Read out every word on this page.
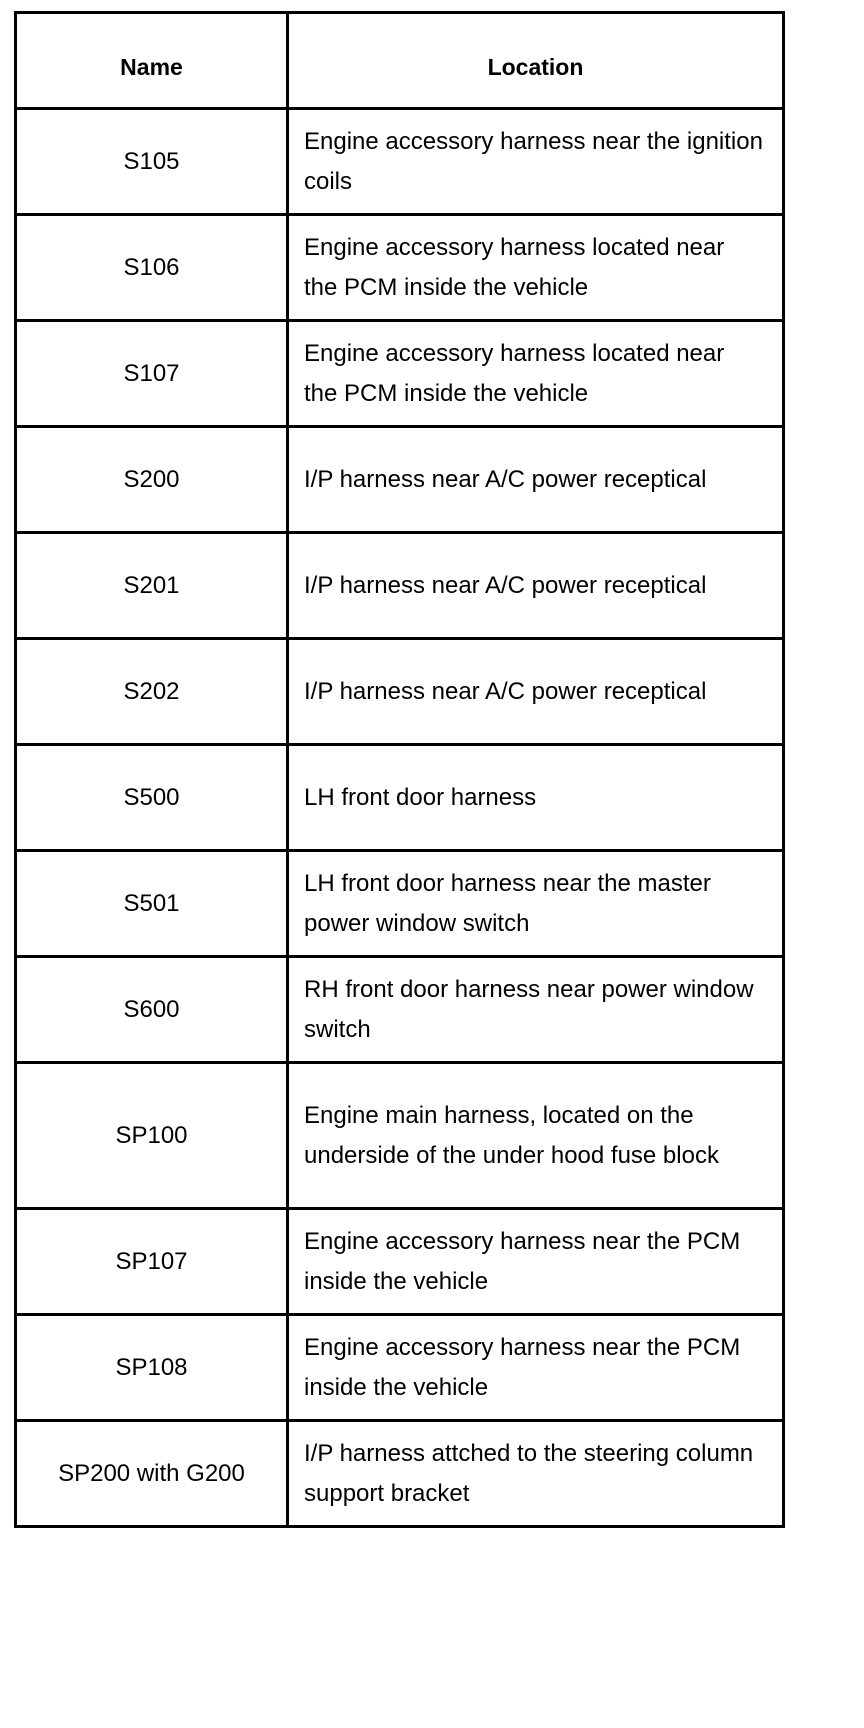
Name	Location
S105	Engine accessory harness near the ignition coils
S106	Engine accessory harness located near the PCM inside the vehicle
S107	Engine accessory harness located near the PCM inside the vehicle
S200	I/P harness near A/C power receptical
S201	I/P harness near A/C power receptical
S202	I/P harness near A/C power receptical
S500	LH front door harness
S501	LH front door harness near the master power window switch
S600	RH front door harness near power window switch
SP100	Engine main harness, located on the underside of the under hood fuse block
SP107	Engine accessory harness near the PCM inside the vehicle
SP108	Engine accessory harness near the PCM inside the vehicle
SP200 with G200	I/P harness attched to the steering column support bracket
